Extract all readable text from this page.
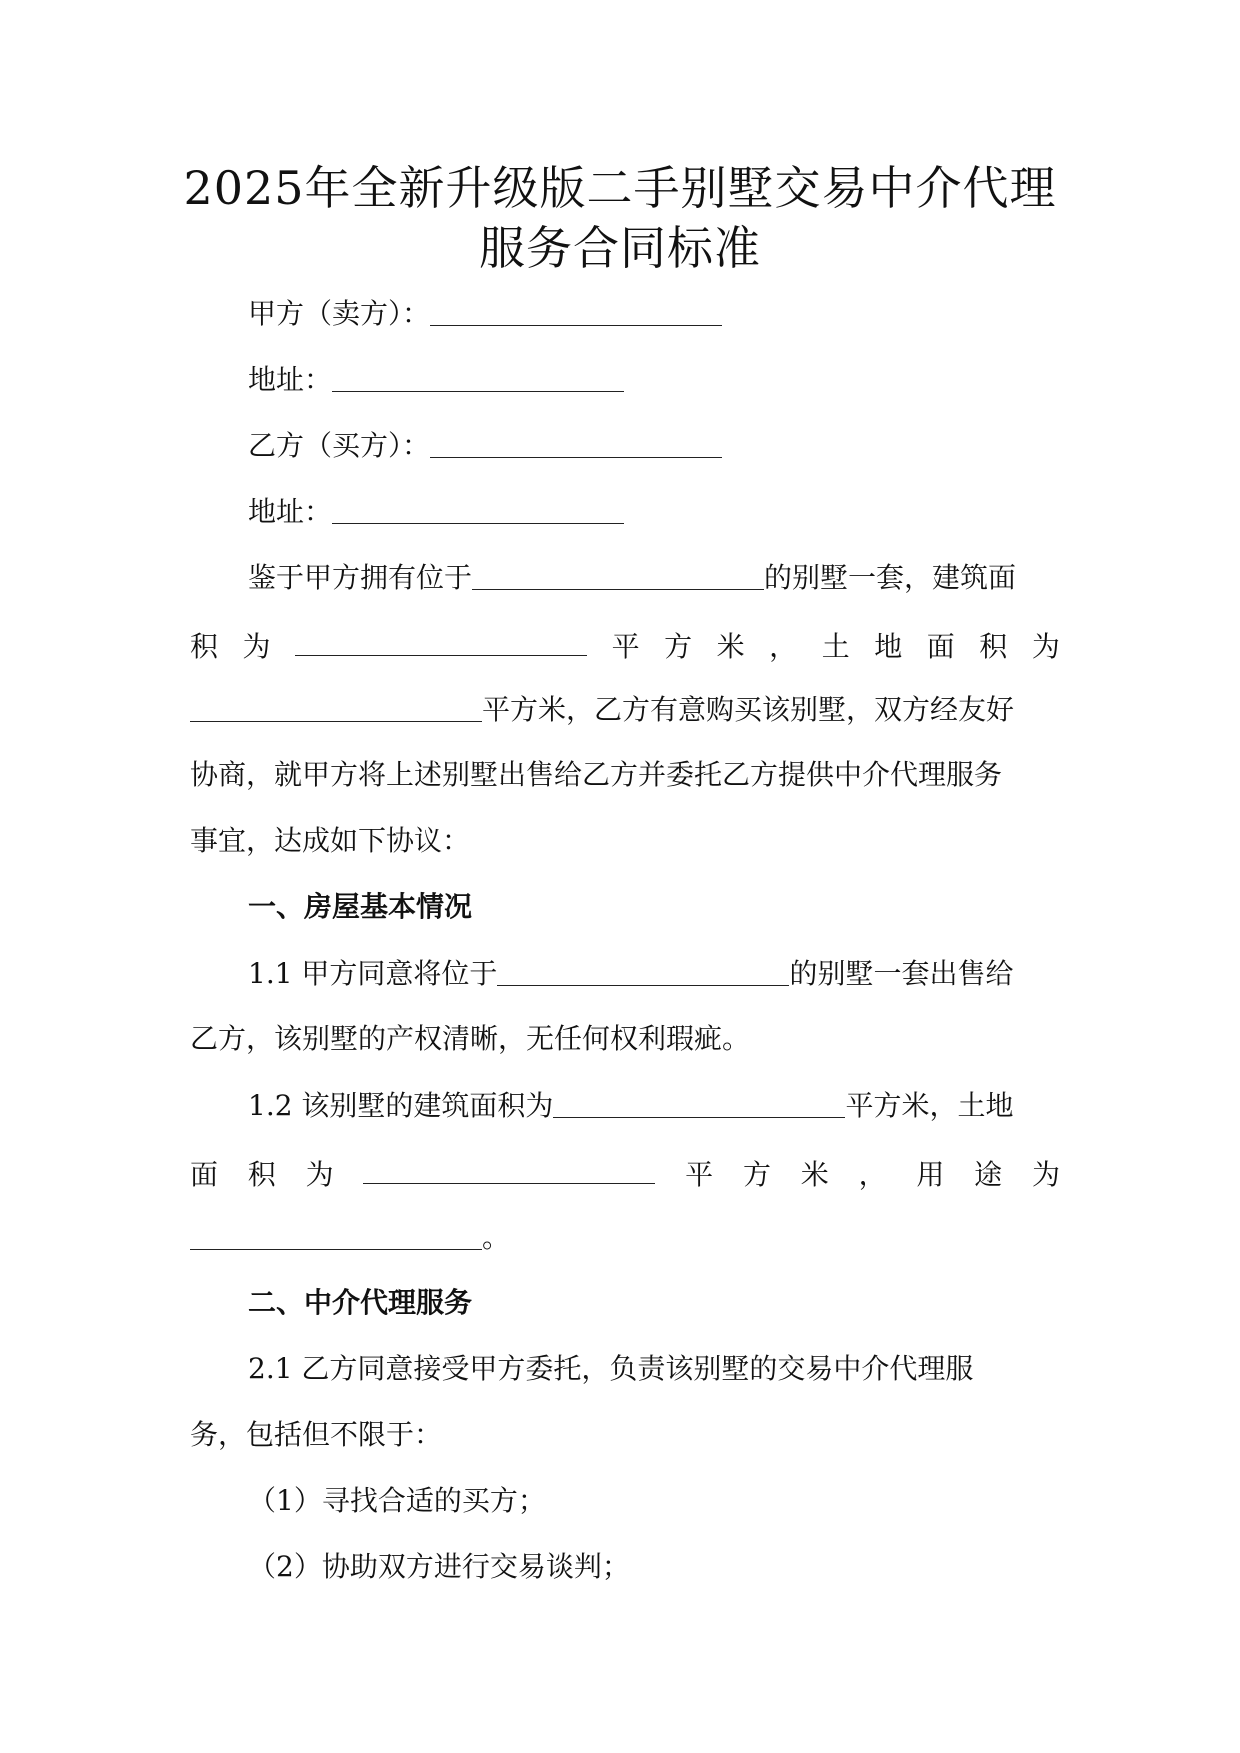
2025年全新升级版二手别墅交易中介代理
服务合同标准
甲方（卖方）：
地址：
乙方（买方）：
地址：
鉴于甲方拥有位于	的别墅一套，建筑面
积 为	平 方 米 ， 土 地 面 积 为
平方米，乙方有意购买该别墅，双方经友好
协商，就甲方将上述别墅出售给乙方并委托乙方提供中介代理服务
事宜，达成如下协议：
一、房屋基本情况
1.1 甲方同意将位于	的别墅一套出售给
乙方，该别墅的产权清晰，无任何权利瑕疵。
1.2 该别墅的建筑面积为	平方米，土地
面 积 为	平 方 米 ， 用 途 为
。
二、中介代理服务
2.1 乙方同意接受甲方委托，负责该别墅的交易中介代理服
务，包括但不限于：
（1）寻找合适的买方；
（2）协助双方进行交易谈判；
